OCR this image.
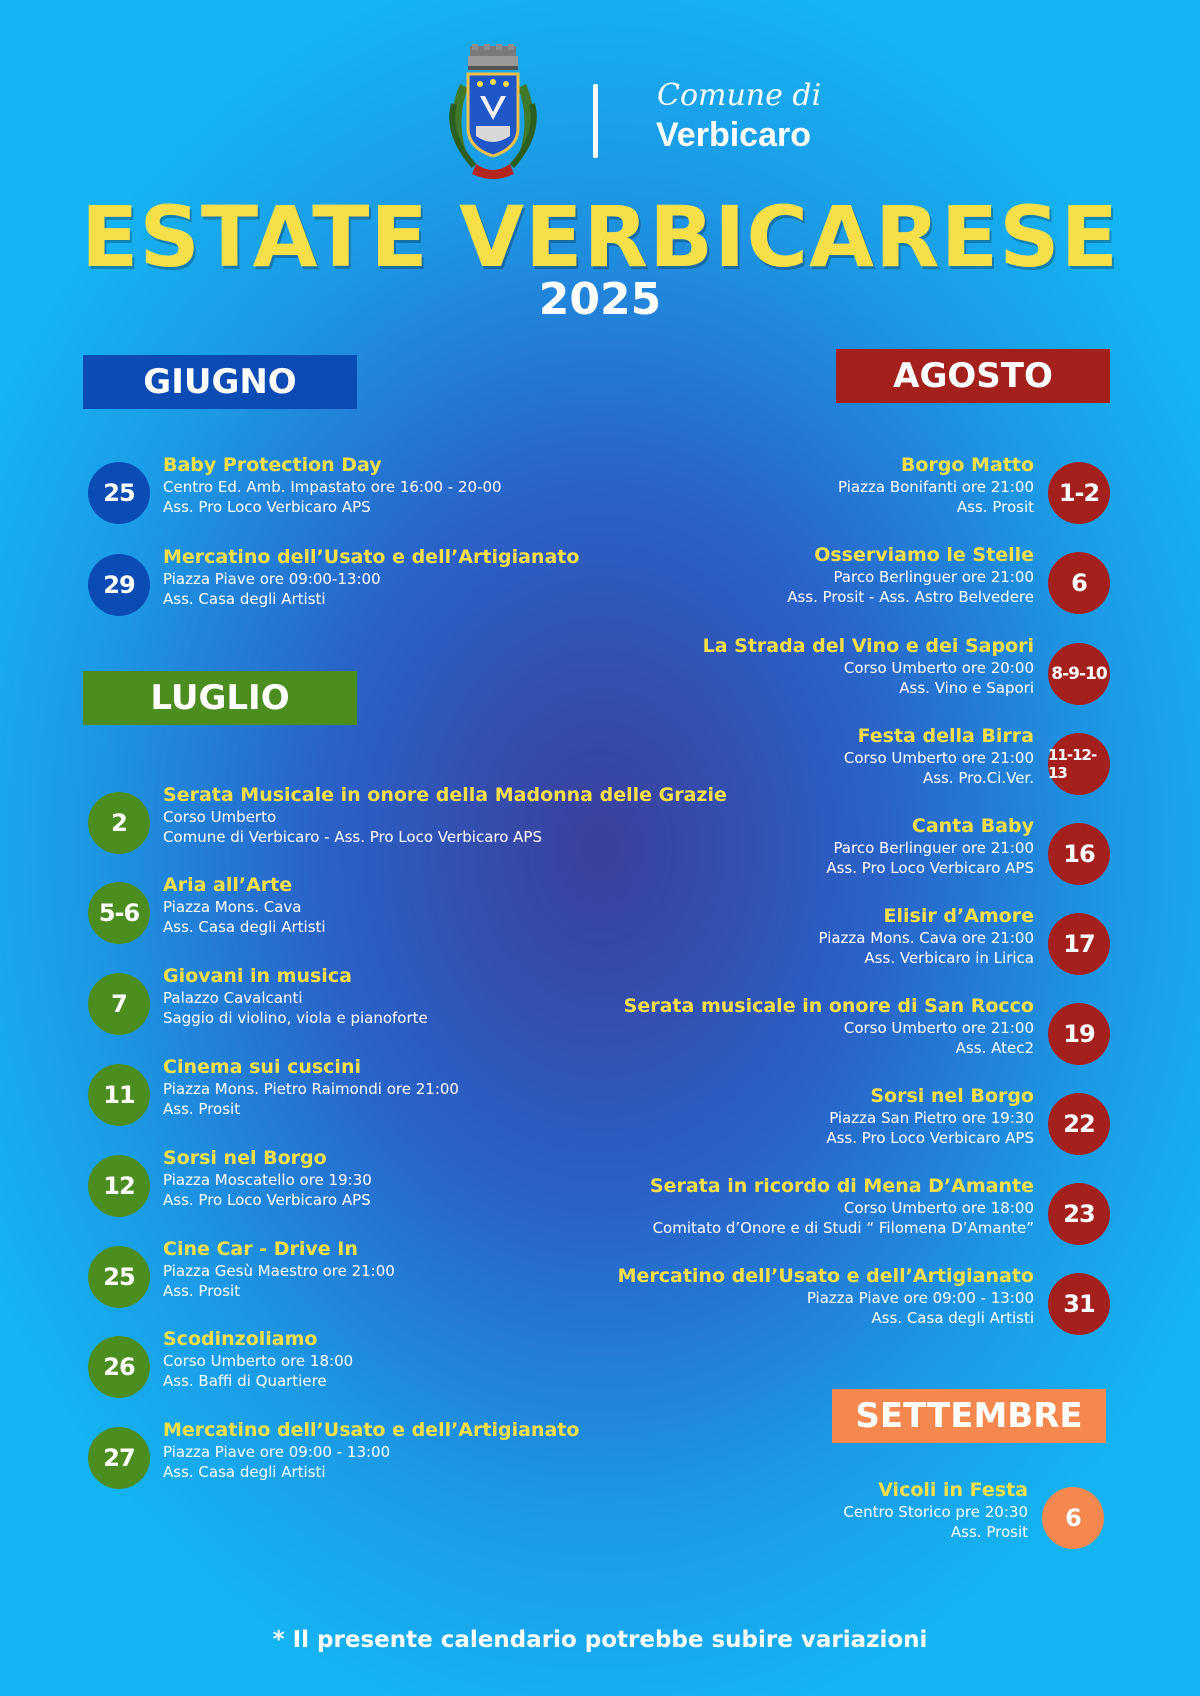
Comune di
Verbicaro
ESTATE VERBICARESE
2025
GIUGNO
LUGLIO
AGOSTO
SETTEMBRE
25
Baby Protection Day
Centro Ed. Amb. Impastato ore 16:00 - 20-00
Ass. Pro Loco Verbicaro APS
29
Mercatino dell’Usato e dell’Artigianato
Piazza Piave ore 09:00-13:00
Ass. Casa degli Artisti
2
Serata Musicale in onore della Madonna delle Grazie
Corso Umberto
Comune di Verbicaro - Ass. Pro Loco Verbicaro APS
5-6
Aria all’Arte
Piazza Mons. Cava
Ass. Casa degli Artisti
7
Giovani in musica
Palazzo Cavalcanti
Saggio di violino, viola e pianoforte
11
Cinema sui cuscini
Piazza Mons. Pietro Raimondi ore 21:00
Ass. Prosit
12
Sorsi nel Borgo
Piazza Moscatello ore 19:30
Ass. Pro Loco Verbicaro APS
25
Cine Car - Drive In
Piazza Gesù Maestro ore 21:00
Ass. Prosit
26
Scodinzoliamo
Corso Umberto ore 18:00
Ass. Baffi di Quartiere
27
Mercatino dell’Usato e dell’Artigianato
Piazza Piave ore 09:00 - 13:00
Ass. Casa degli Artisti
1-2
Borgo Matto
Piazza Bonifanti ore 21:00
Ass. Prosit
6
Osserviamo le Stelle
Parco Berlinguer ore 21:00
Ass. Prosit - Ass. Astro Belvedere
8-9-10
La Strada del Vino e dei Sapori
Corso Umberto ore 20:00
Ass. Vino e Sapori
11-12-13
Festa della Birra
Corso Umberto ore 21:00
Ass. Pro.Ci.Ver.
16
Canta Baby
Parco Berlinguer ore 21:00
Ass. Pro Loco Verbicaro APS
17
Elisir d’Amore
Piazza Mons. Cava ore 21:00
Ass. Verbicaro in Lirica
19
Serata musicale in onore di San Rocco
Corso Umberto ore 21:00
Ass. Atec2
22
Sorsi nel Borgo
Piazza San Pietro ore 19:30
Ass. Pro Loco Verbicaro APS
23
Serata in ricordo di Mena D’Amante
Corso Umberto ore 18:00
Comitato d’Onore e di Studi “ Filomena D’Amante”
31
Mercatino dell’Usato e dell’Artigianato
Piazza Piave ore 09:00 - 13:00
Ass. Casa degli Artisti
6
Vicoli in Festa
Centro Storico pre 20:30
Ass. Prosit
* Il presente calendario potrebbe subire variazioni
